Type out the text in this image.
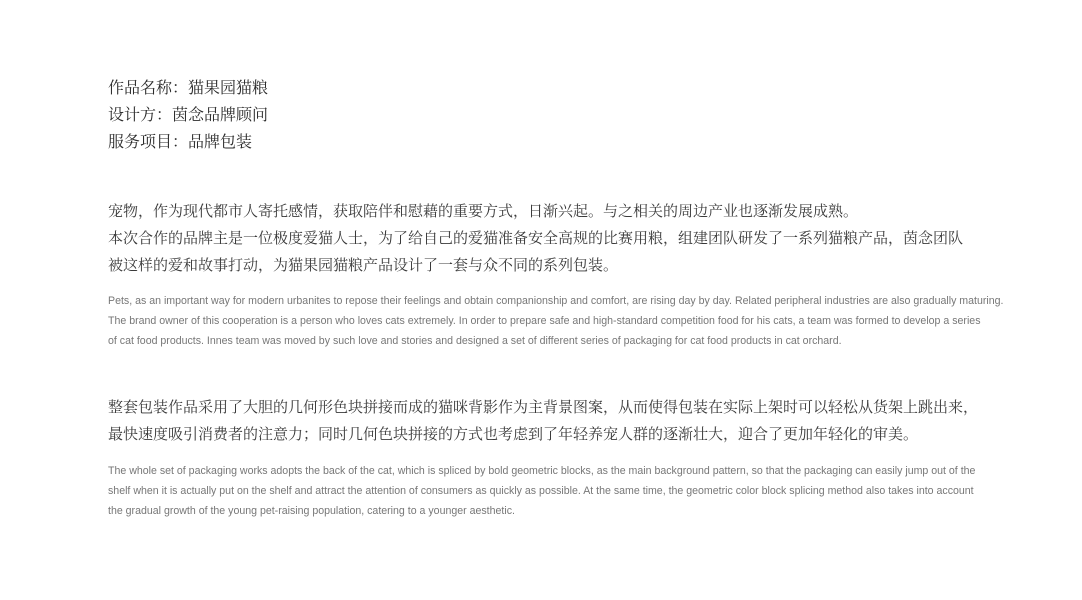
作品名称：猫果园猫粮
设计方：茵念品牌顾问
服务项目：品牌包装
宠物，作为现代都市人寄托感情，获取陪伴和慰藉的重要方式，日渐兴起。与之相关的周边产业也逐渐发展成熟。
本次合作的品牌主是一位极度爱猫人士，为了给自己的爱猫准备安全高规的比赛用粮，组建团队研发了一系列猫粮产品，茵念团队
被这样的爱和故事打动，为猫果园猫粮产品设计了一套与众不同的系列包装。
Pets, as an important way for modern urbanites to repose their feelings and obtain companionship and comfort, are rising day by day. Related peripheral industries are also gradually maturing.
The brand owner of this cooperation is a person who loves cats extremely. In order to prepare safe and high-standard competition food for his cats, a team was formed to develop a series
of cat food products. Innes team was moved by such love and stories and designed a set of different series of packaging for cat food products in cat orchard.
整套包装作品采用了大胆的几何形色块拼接而成的猫咪背影作为主背景图案，从而使得包装在实际上架时可以轻松从货架上跳出来，
最快速度吸引消费者的注意力；同时几何色块拼接的方式也考虑到了年轻养宠人群的逐渐壮大，迎合了更加年轻化的审美。
The whole set of packaging works adopts the back of the cat, which is spliced by bold geometric blocks, as the main background pattern, so that the packaging can easily jump out of the
shelf when it is actually put on the shelf and attract the attention of consumers as quickly as possible. At the same time, the geometric color block splicing method also takes into account
the gradual growth of the young pet-raising population, catering to a younger aesthetic.
